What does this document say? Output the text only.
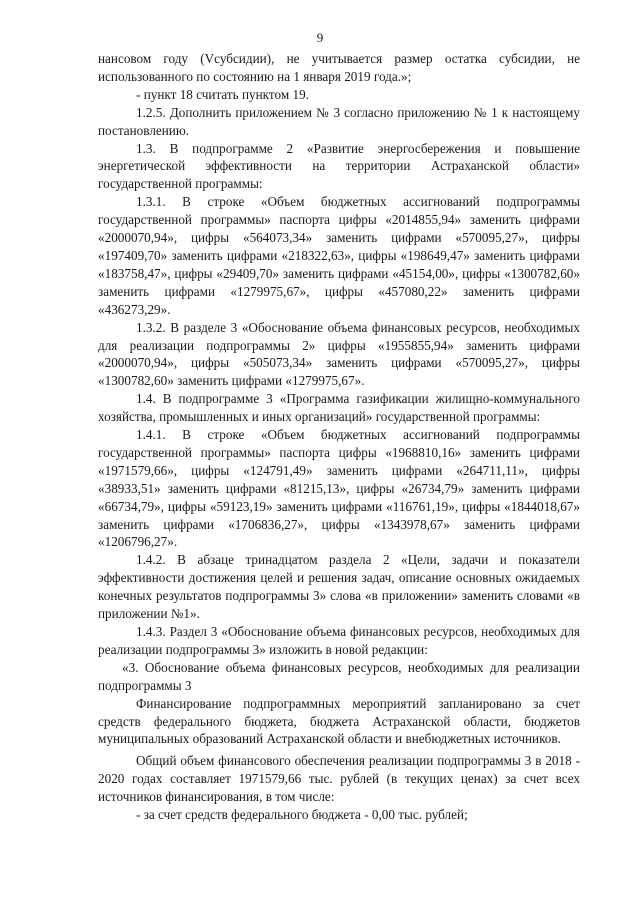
9

нансовом году (Vсубсидии), не учитывается размер остатка субсидии, не использованного по состоянию на 1 января 2019 года.»;

- пункт 18 считать пунктом 19.

1.2.5. Дополнить приложением № 3 согласно приложению № 1 к настоящему постановлению.

1.3. В подпрограмме 2 «Развитие энергосбережения и повышение энергетической эффективности на территории Астраханской области» государственной программы:

1.3.1. В строке «Объем бюджетных ассигнований подпрограммы государственной программы» паспорта цифры «2014855,94» заменить цифрами «2000070,94», цифры «564073,34» заменить цифрами «570095,27», цифры «197409,70» заменить цифрами «218322,63», цифры «198649,47» заменить цифрами «183758,47», цифры «29409,70» заменить цифрами «45154,00», цифры «1300782,60» заменить цифрами «1279975,67», цифры «457080,22» заменить цифрами «436273,29».

1.3.2. В разделе 3 «Обоснование объема финансовых ресурсов, необходимых для реализации подпрограммы 2» цифры «1955855,94» заменить цифрами «2000070,94», цифры «505073,34» заменить цифрами «570095,27», цифры «1300782,60» заменить цифрами «1279975,67».

1.4. В подпрограмме 3 «Программа газификации жилищно-коммунального хозяйства, промышленных и иных организаций» государственной программы:

1.4.1. В строке «Объем бюджетных ассигнований подпрограммы государственной программы» паспорта цифры «1968810,16» заменить цифрами «1971579,66», цифры «124791,49» заменить цифрами «264711,11», цифры «38933,51» заменить цифрами «81215,13», цифры «26734,79» заменить цифрами «66734,79», цифры «59123,19» заменить цифрами «116761,19», цифры «1844018,67» заменить цифрами «1706836,27», цифры «1343978,67» заменить цифрами «1206796,27».

1.4.2. В абзаце тринадцатом раздела 2 «Цели, задачи и показатели эффективности достижения целей и решения задач, описание основных ожидаемых конечных результатов подпрограммы 3» слова «в приложении» заменить словами «в приложении №1».

1.4.3. Раздел 3 «Обоснование объема финансовых ресурсов, необходимых для реализации подпрограммы 3» изложить в новой редакции:

«3. Обоснование объема финансовых ресурсов, необходимых для реализации подпрограммы 3

Финансирование подпрограммных мероприятий запланировано за счет средств федерального бюджета, бюджета Астраханской области, бюджетов муниципальных образований Астраханской области и внебюджетных источников.

Общий объем финансового обеспечения реализации подпрограммы 3 в 2018 - 2020 годах составляет 1971579,66 тыс. рублей (в текущих ценах) за счет всех источников финансирования, в том числе:

- за счет средств федерального бюджета - 0,00 тыс. рублей;
